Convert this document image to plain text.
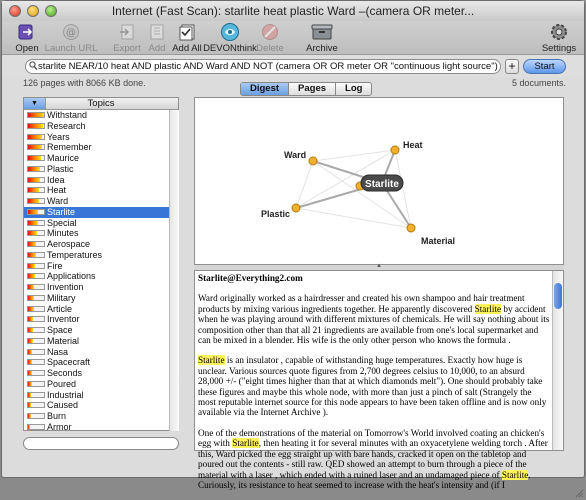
Internet (Fast Scan): starlite heat plastic Ward –(camera OR meter...
Open
@
Launch URL	Export Add Add All DEVONthink Delete	Archive	Settings
starlite NEAR/10 heat AND plastic AND Ward AND NOT (camera OR OR meter OR "continuous light source") +	Start
126 pages with 8066 KB done.	5 documents.
Digest	Pages	Log
▼	Topics
Withstand
Research
Years
Remember
Maurice
Plastic
Idea
Heat
Ward
Starlite
Special
Minutes
Aerospace
Temperatures
Fire
Applications
Invention
Military
Article
Inventor
Space
Material
Nasa
Spacecraft
Seconds
Poured
Industrial
Caused
Burn
Armor
Ward
Heat
Plastic
Material
Starlite
▲
Starlite@Everything2.com

Ward originally worked as a hairdresser and created his own shampoo and hair treatment products by mixing various ingredients together. He apparently discovered Starlite by accident when he was playing around with different mixtures of chemicals. He will say nothing about its composition other than that all 21 ingredients are available from one's local supermarket and can be mixed in a blender. His wife is the only other person who knows the formula .

Starlite is an insulator , capable of withstanding huge temperatures. Exactly how huge is unclear. Various sources quote figures from 2,700 degrees celsius to 10,000, to an absurd 28,000 +/- ("eight times higher than that at which diamonds melt"). One should probably take these figures and maybe this whole node, with more than just a pinch of salt (Strangely the most reputable internet source for this node appears to have been taken offline and is now only available via the Internet Archive ).

One of the demonstrations of the material on Tomorrow's World involved coating an chicken's egg with Starlite, then heating it for several minutes with an oxyacetylene welding torch . After this, Ward picked the egg straight up with bare hands, cracked it open on the tabletop and poured out the contents - still raw. QED showed an attempt to burn through a piece of the material with a laser , which ended with a ruined laser and an undamaged piece of Starlite. Curiously, its resistance to heat seemed to increase with the heat's intensity and (if I
